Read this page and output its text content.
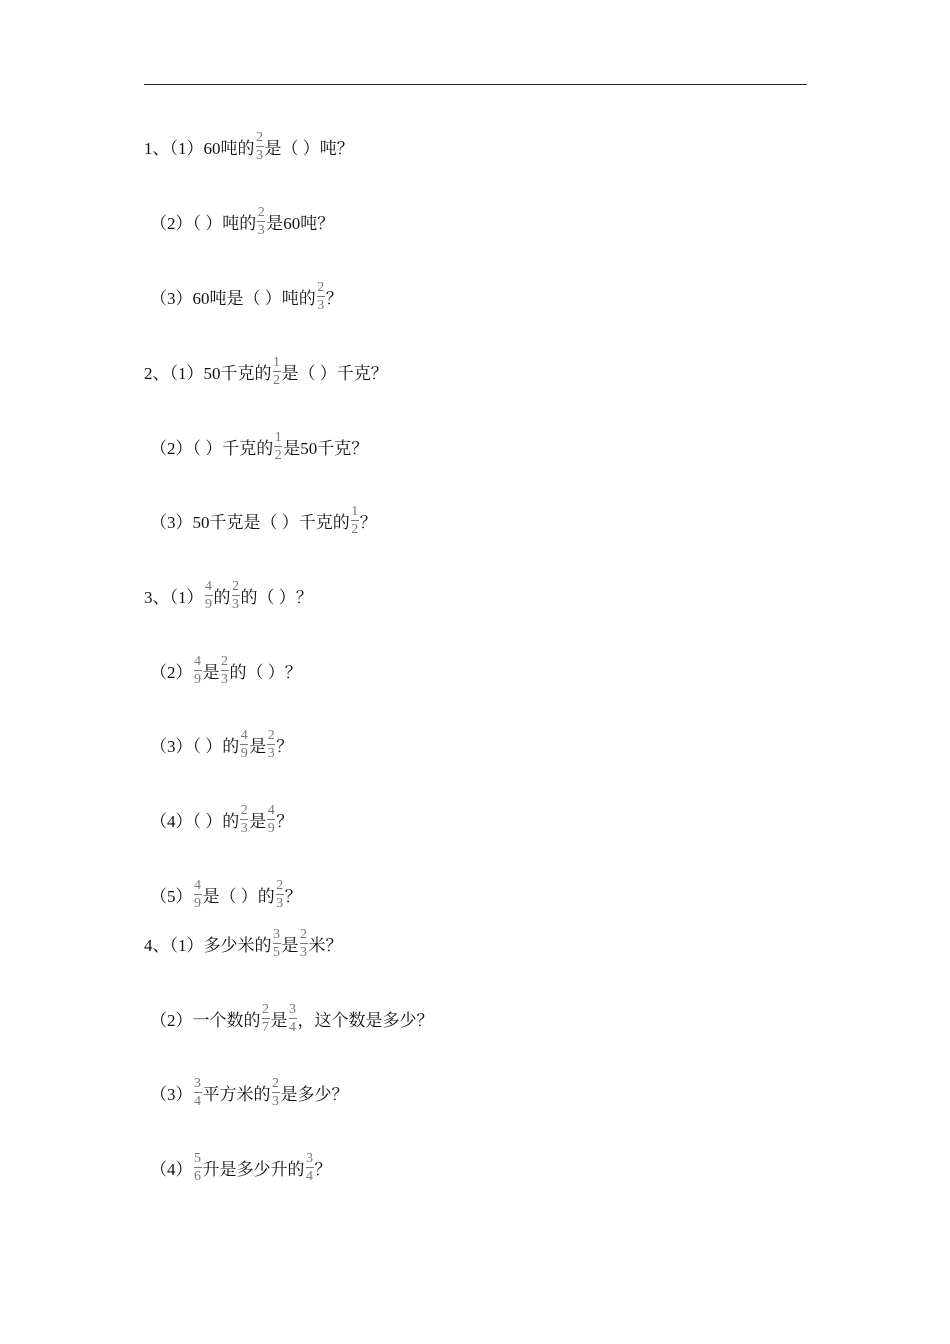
1、（1）60吨的 $\frac{2}{3}$ 是（ ）吨？
（2）（ ）吨的 $\frac{2}{3}$ 是60吨？
（3）60吨是（ ）吨的 $\frac{2}{3}$ ？
2、（1）50千克的 $\frac{1}{2}$ 是（ ）千克？
（2）（ ）千克的 $\frac{1}{2}$ 是50千克？
（3）50千克是（ ）千克的 $\frac{1}{2}$ ？
3、$(1) \frac{4}{9}$ 的 $\frac{2}{3}$ 的（ ）？
$(2) \frac{4}{9}$ 是 $\frac{2}{3}$ 的（ ）？
（3）（ ）的 $\frac{4}{9}$ 是 $\frac{2}{3}$ ？
（4）（ ）的 $\frac{2}{3}$ 是 $\frac{4}{9}$ ？
$(5) \frac{4}{9}$ 是（ ）的 $\frac{2}{3}$ ？
4、（1）多少米的 $\frac{3}{5}$ 是 $\frac{2}{3}$ 米？
（2）一个数的 $\frac{2}{7}$ 是 $\frac{3}{4}$ ，这个数是多少？
$(3) \frac{3}{4}$ 平方米的 $\frac{2}{3}$ 是多少？
$(4) \frac{5}{6}$ 升是多少升的 $\frac{3}{4}$ ？
